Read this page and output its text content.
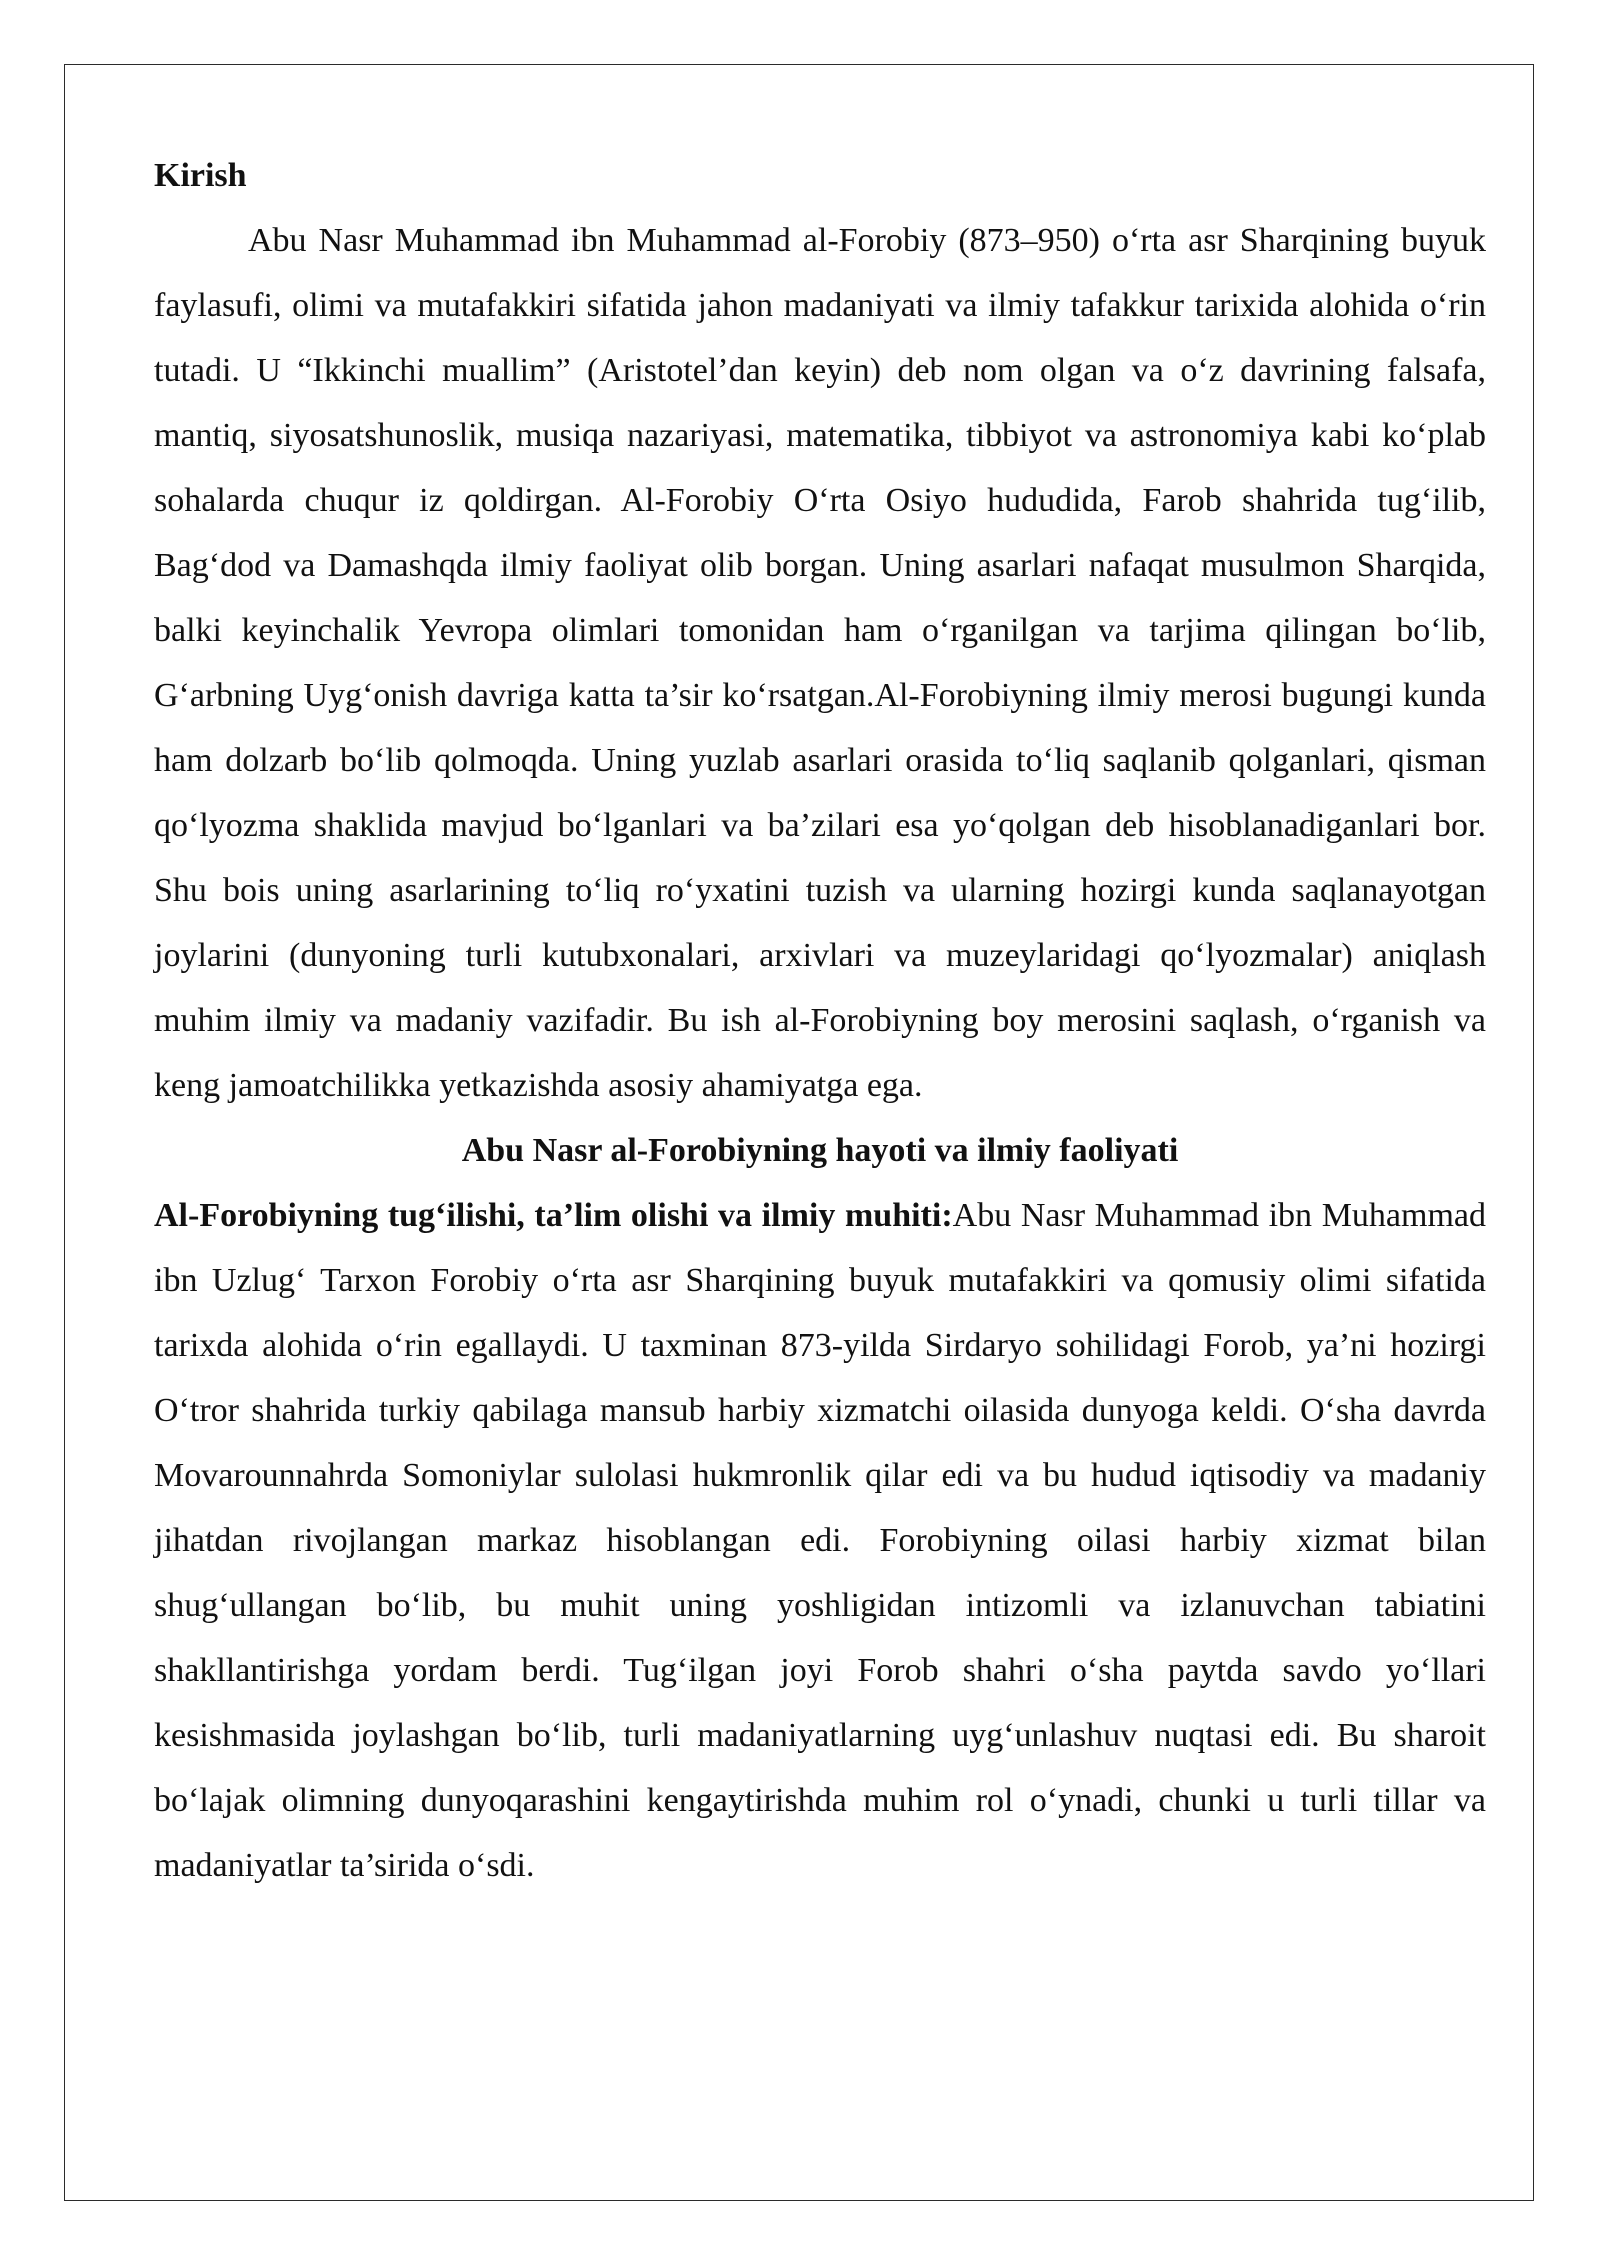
Kirish

Abu Nasr Muhammad ibn Muhammad al-Forobiy (873–950) oʻrta asr Sharqining buyuk faylasufi, olimi va mutafakkiri sifatida jahon madaniyati va ilmiy tafakkur tarixida alohida oʻrin tutadi. U “Ikkinchi muallim” (Aristotel’dan keyin) deb nom olgan va oʻz davrining falsafa, mantiq, siyosatshunoslik, musiqa nazariyasi, matematika, tibbiyot va astronomiya kabi koʻplab sohalarda chuqur iz qoldirgan. Al-Forobiy Oʻrta Osiyo hududida, Farob shahrida tugʻilib, Bagʻdod va Damashqda ilmiy faoliyat olib borgan. Uning asarlari nafaqat musulmon Sharqida, balki keyinchalik Yevropa olimlari tomonidan ham oʻrganilgan va tarjima qilingan boʻlib, Gʻarbning Uygʻonish davriga katta ta’sir koʻrsatgan.Al-Forobiyning ilmiy merosi bugungi kunda ham dolzarb boʻlib qolmoqda. Uning yuzlab asarlari orasida toʻliq saqlanib qolganlari, qisman qoʻlyozma shaklida mavjud boʻlganlari va ba’zilari esa yoʻqolgan deb hisoblanadiganlari bor. Shu bois uning asarlarining toʻliq roʻyxatini tuzish va ularning hozirgi kunda saqlanayotgan joylarini (dunyoning turli kutubxonalari, arxivlari va muzeylaridagi qoʻlyozmalar) aniqlash muhim ilmiy va madaniy vazifadir. Bu ish al-Forobiyning boy merosini saqlash, oʻrganish va keng jamoatchilikka yetkazishda asosiy ahamiyatga ega.

Abu Nasr al-Forobiyning hayoti va ilmiy faoliyati

Al-Forobiyning tugʻilishi, ta’lim olishi va ilmiy muhiti:Abu Nasr Muhammad ibn Muhammad ibn Uzlugʻ Tarxon Forobiy oʻrta asr Sharqining buyuk mutafakkiri va qomusiy olimi sifatida tarixda alohida oʻrin egallaydi. U taxminan 873-yilda Sirdaryo sohilidagi Forob, ya’ni hozirgi Oʻtror shahrida turkiy qabilaga mansub harbiy xizmatchi oilasida dunyoga keldi. Oʻsha davrda Movarounnahrda Somoniylar sulolasi hukmronlik qilar edi va bu hudud iqtisodiy va madaniy jihatdan rivojlangan markaz hisoblangan edi. Forobiyning oilasi harbiy xizmat bilan shugʻullangan boʻlib, bu muhit uning yoshligidan intizomli va izlanuvchan tabiatini shakllantirishga yordam berdi. Tugʻilgan joyi Forob shahri oʻsha paytda savdo yoʻllari kesishmasida joylashgan boʻlib, turli madaniyatlarning uygʻunlashuv nuqtasi edi. Bu sharoit boʻlajak olimning dunyoqarashini kengaytirishda muhim rol oʻynadi, chunki u turli tillar va madaniyatlar ta’sirida oʻsdi.
